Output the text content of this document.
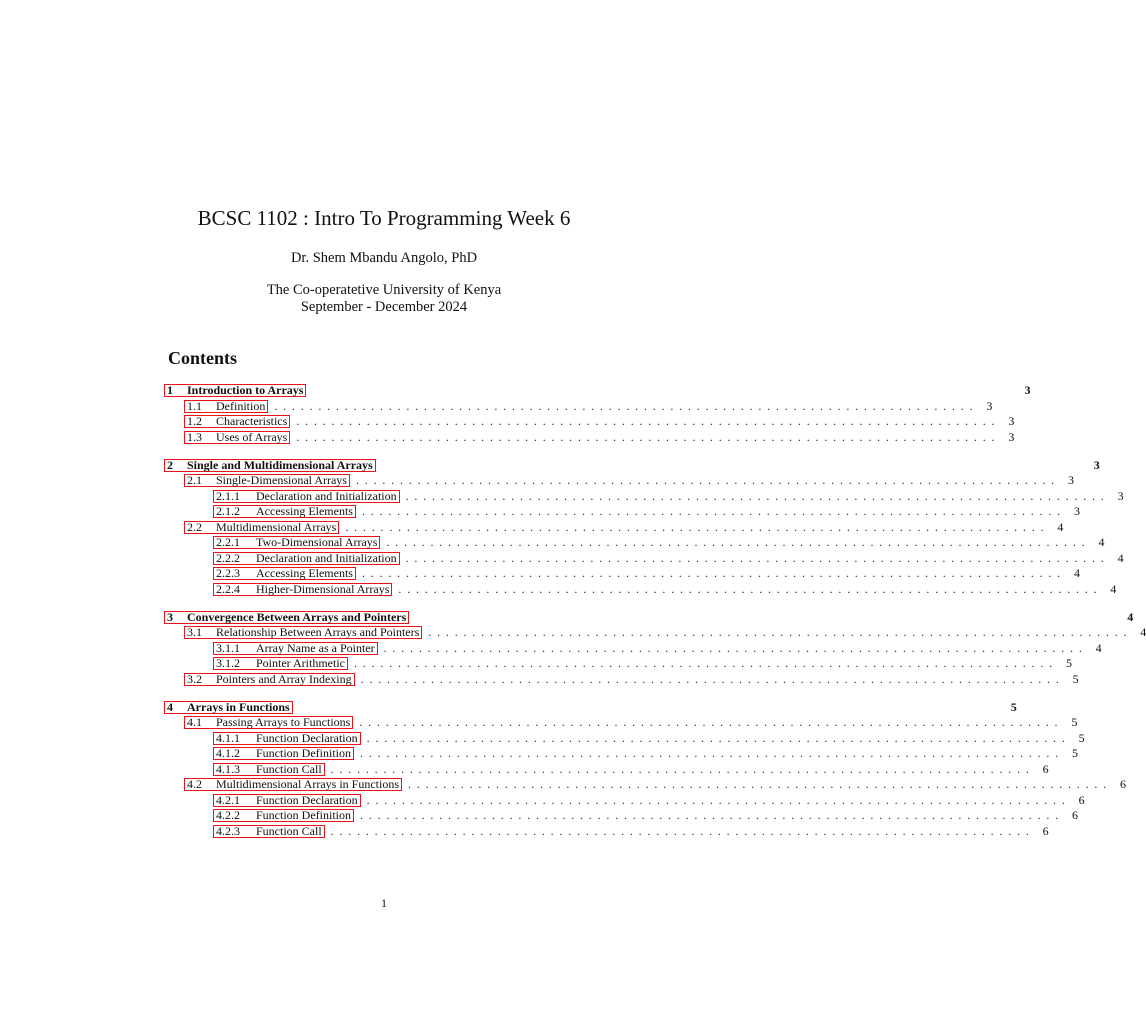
BCSC 1102 : Intro To Programming Week 6
Dr. Shem Mbandu Angolo, PhD
The Co-operatetive University of Kenya
September - December 2024
Contents
1	Introduction to Arrays	3
1.1	Definition ................................................................................ 3
1.2	Characteristics ................................................................................ 3
1.3	Uses of Arrays ................................................................................ 3
2	Single and Multidimensional Arrays	3
2.1	Single-Dimensional Arrays ................................................................................ 3
2.1.1	Declaration and Initialization ................................................................................ 3
2.1.2	Accessing Elements ................................................................................ 3
2.2	Multidimensional Arrays ................................................................................ 4
2.2.1	Two-Dimensional Arrays ................................................................................ 4
2.2.2	Declaration and Initialization ................................................................................ 4
2.2.3	Accessing Elements ................................................................................ 4
2.2.4	Higher-Dimensional Arrays ................................................................................ 4
3	Convergence Between Arrays and Pointers	4
3.1	Relationship Between Arrays and Pointers ................................................................................ 4
3.1.1	Array Name as a Pointer ................................................................................ 4
3.1.2	Pointer Arithmetic ................................................................................ 5
3.2	Pointers and Array Indexing ................................................................................ 5
4	Arrays in Functions	5
4.1	Passing Arrays to Functions ................................................................................ 5
4.1.1	Function Declaration ................................................................................ 5
4.1.2	Function Definition ................................................................................ 5
4.1.3	Function Call ................................................................................ 6
4.2	Multidimensional Arrays in Functions ................................................................................ 6
4.2.1	Function Declaration ................................................................................ 6
4.2.2	Function Definition ................................................................................ 6
4.2.3	Function Call ................................................................................ 6
1
